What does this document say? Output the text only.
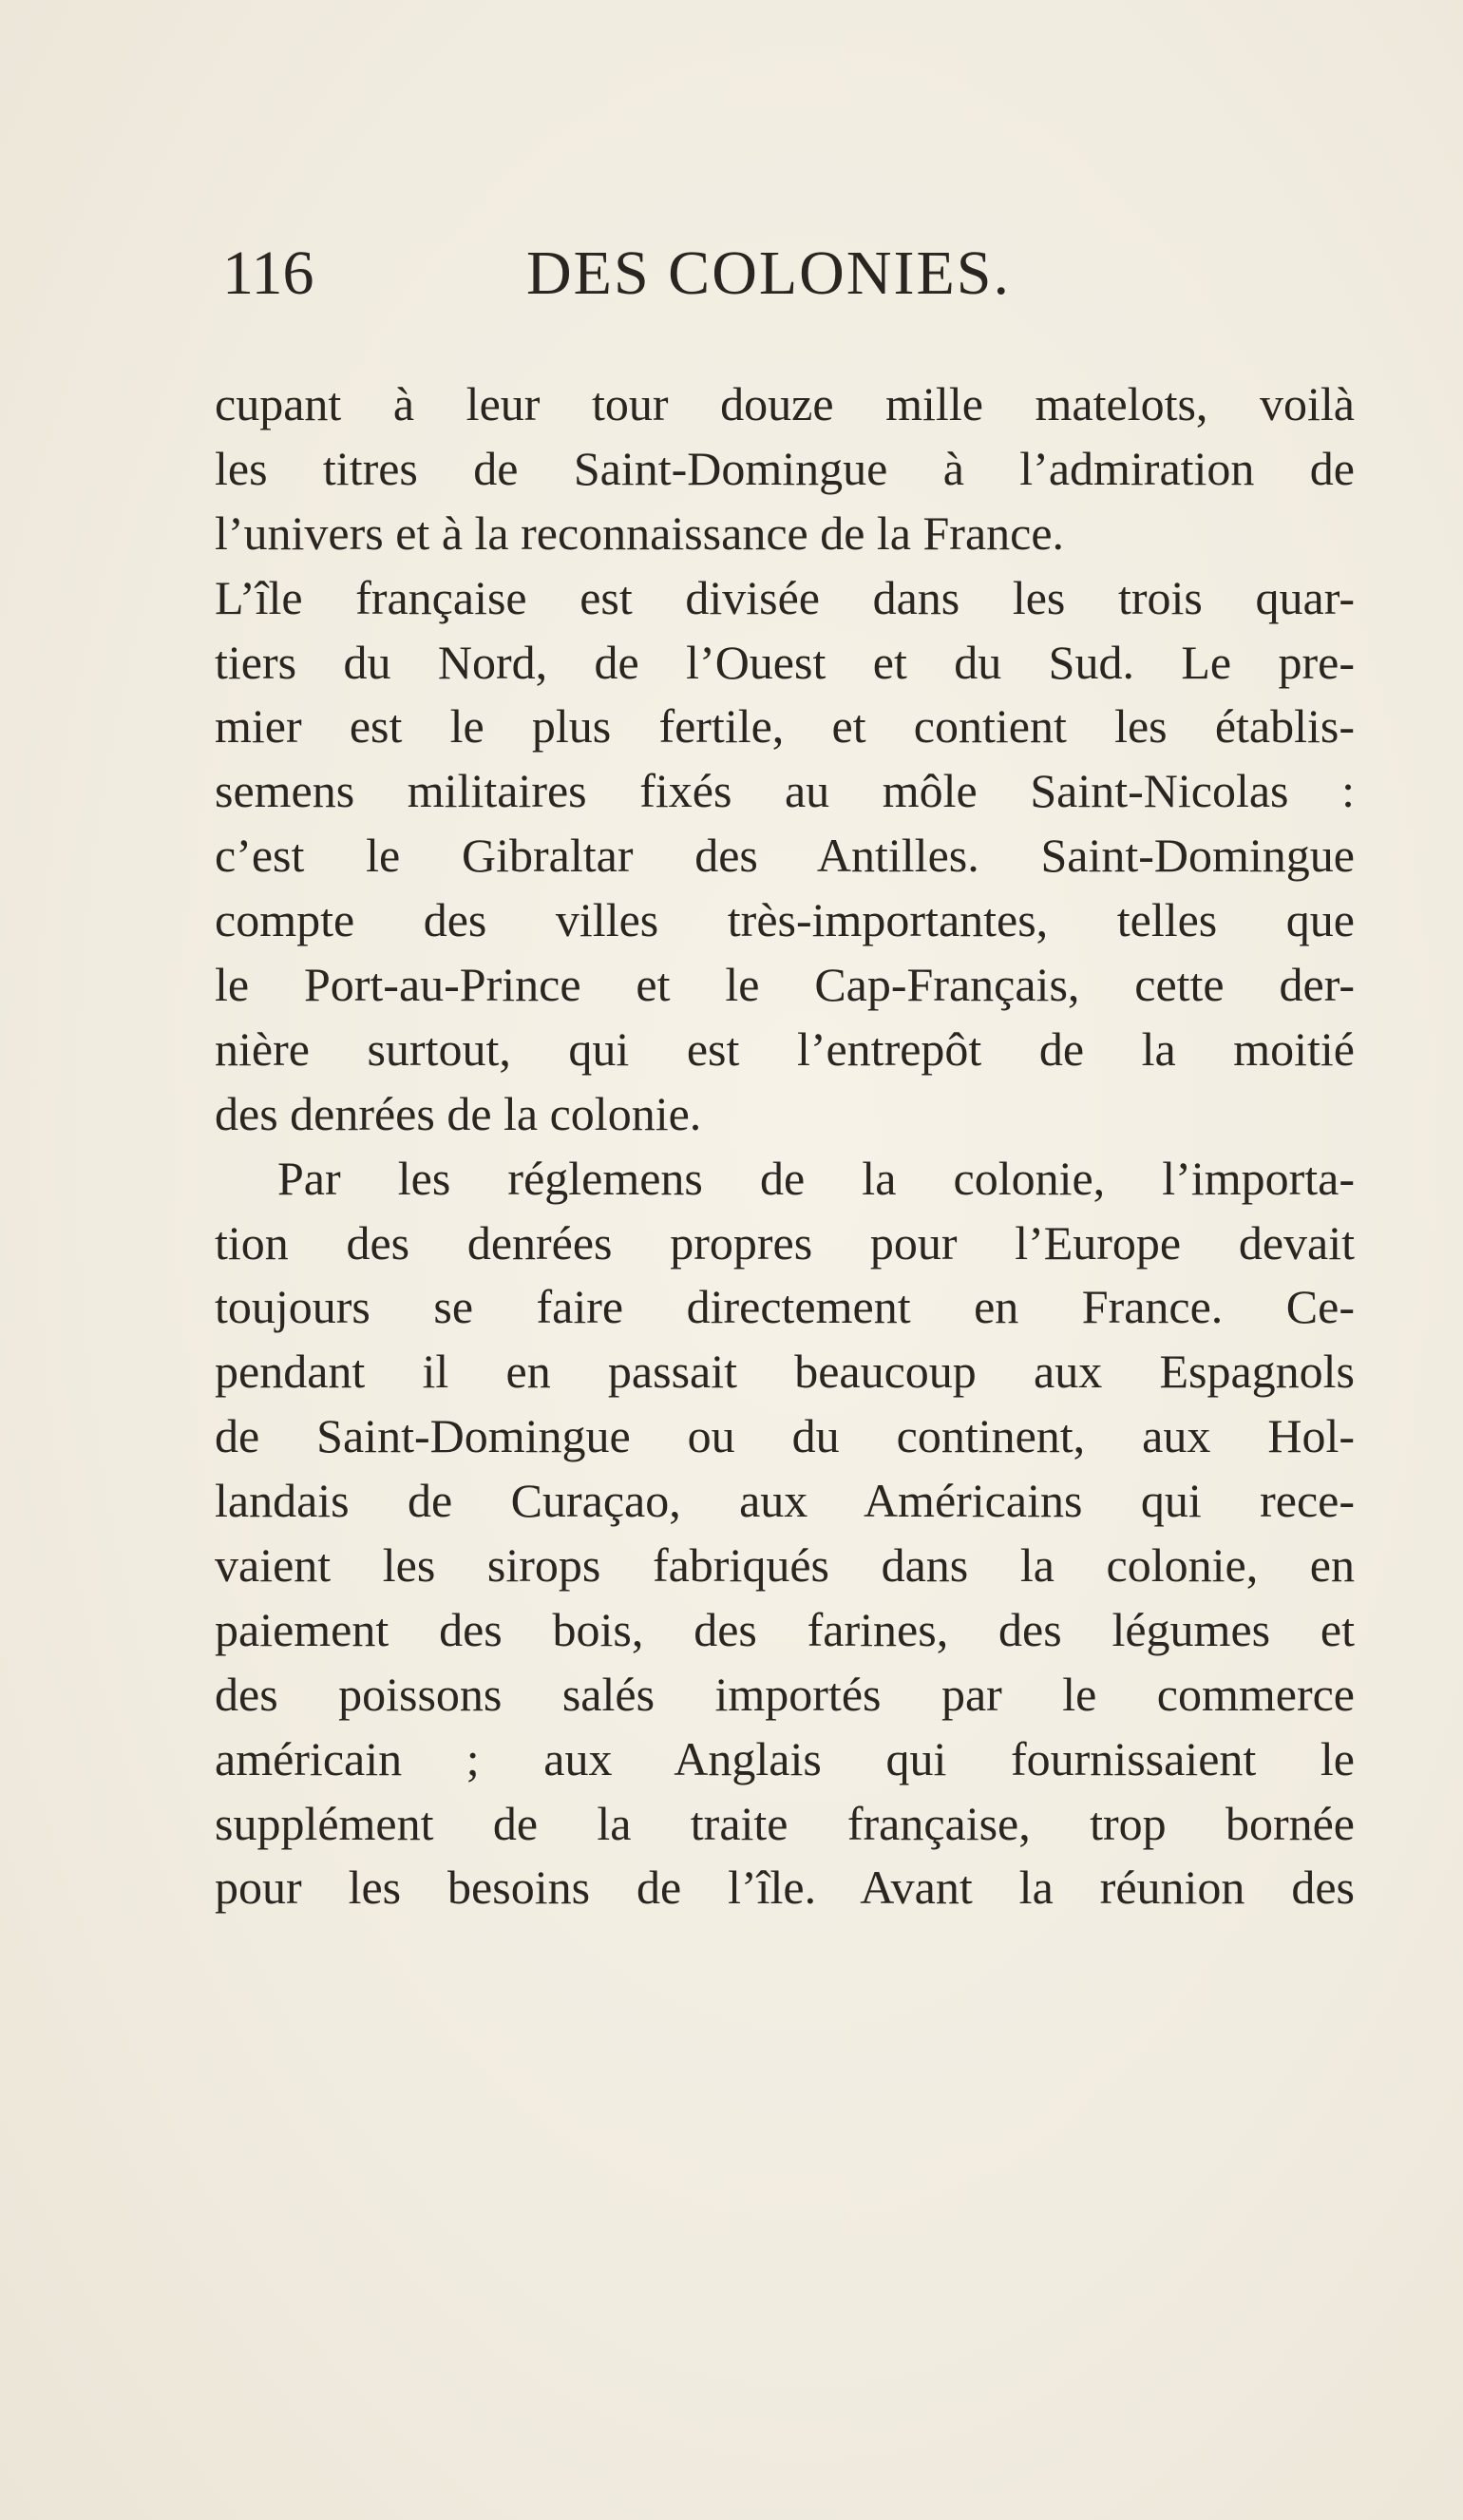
116	DES COLONIES.
cupant à leur tour douze mille matelots, voilà
les titres de Saint-Domingue à l’admiration de
l’univers et à la reconnaissance de la France.
L’île française est divisée dans les trois quar-
tiers du Nord, de l’Ouest et du Sud. Le pre-
mier est le plus fertile, et contient les établis-
semens militaires fixés au môle Saint-Nicolas :
c’est le Gibraltar des Antilles. Saint-Domingue
compte des villes très-importantes, telles que
le Port-au-Prince et le Cap-Français, cette der-
nière surtout, qui est l’entrepôt de la moitié
des denrées de la colonie.
Par les réglemens de la colonie, l’importa-
tion des denrées propres pour l’Europe devait
toujours se faire directement en France. Ce-
pendant il en passait beaucoup aux Espagnols
de Saint-Domingue ou du continent, aux Hol-
landais de Curaçao, aux Américains qui rece-
vaient les sirops fabriqués dans la colonie, en
paiement des bois, des farines, des légumes et
des poissons salés importés par le commerce
américain ; aux Anglais qui fournissaient le
supplément de la traite française, trop bornée
pour les besoins de l’île. Avant la réunion des
